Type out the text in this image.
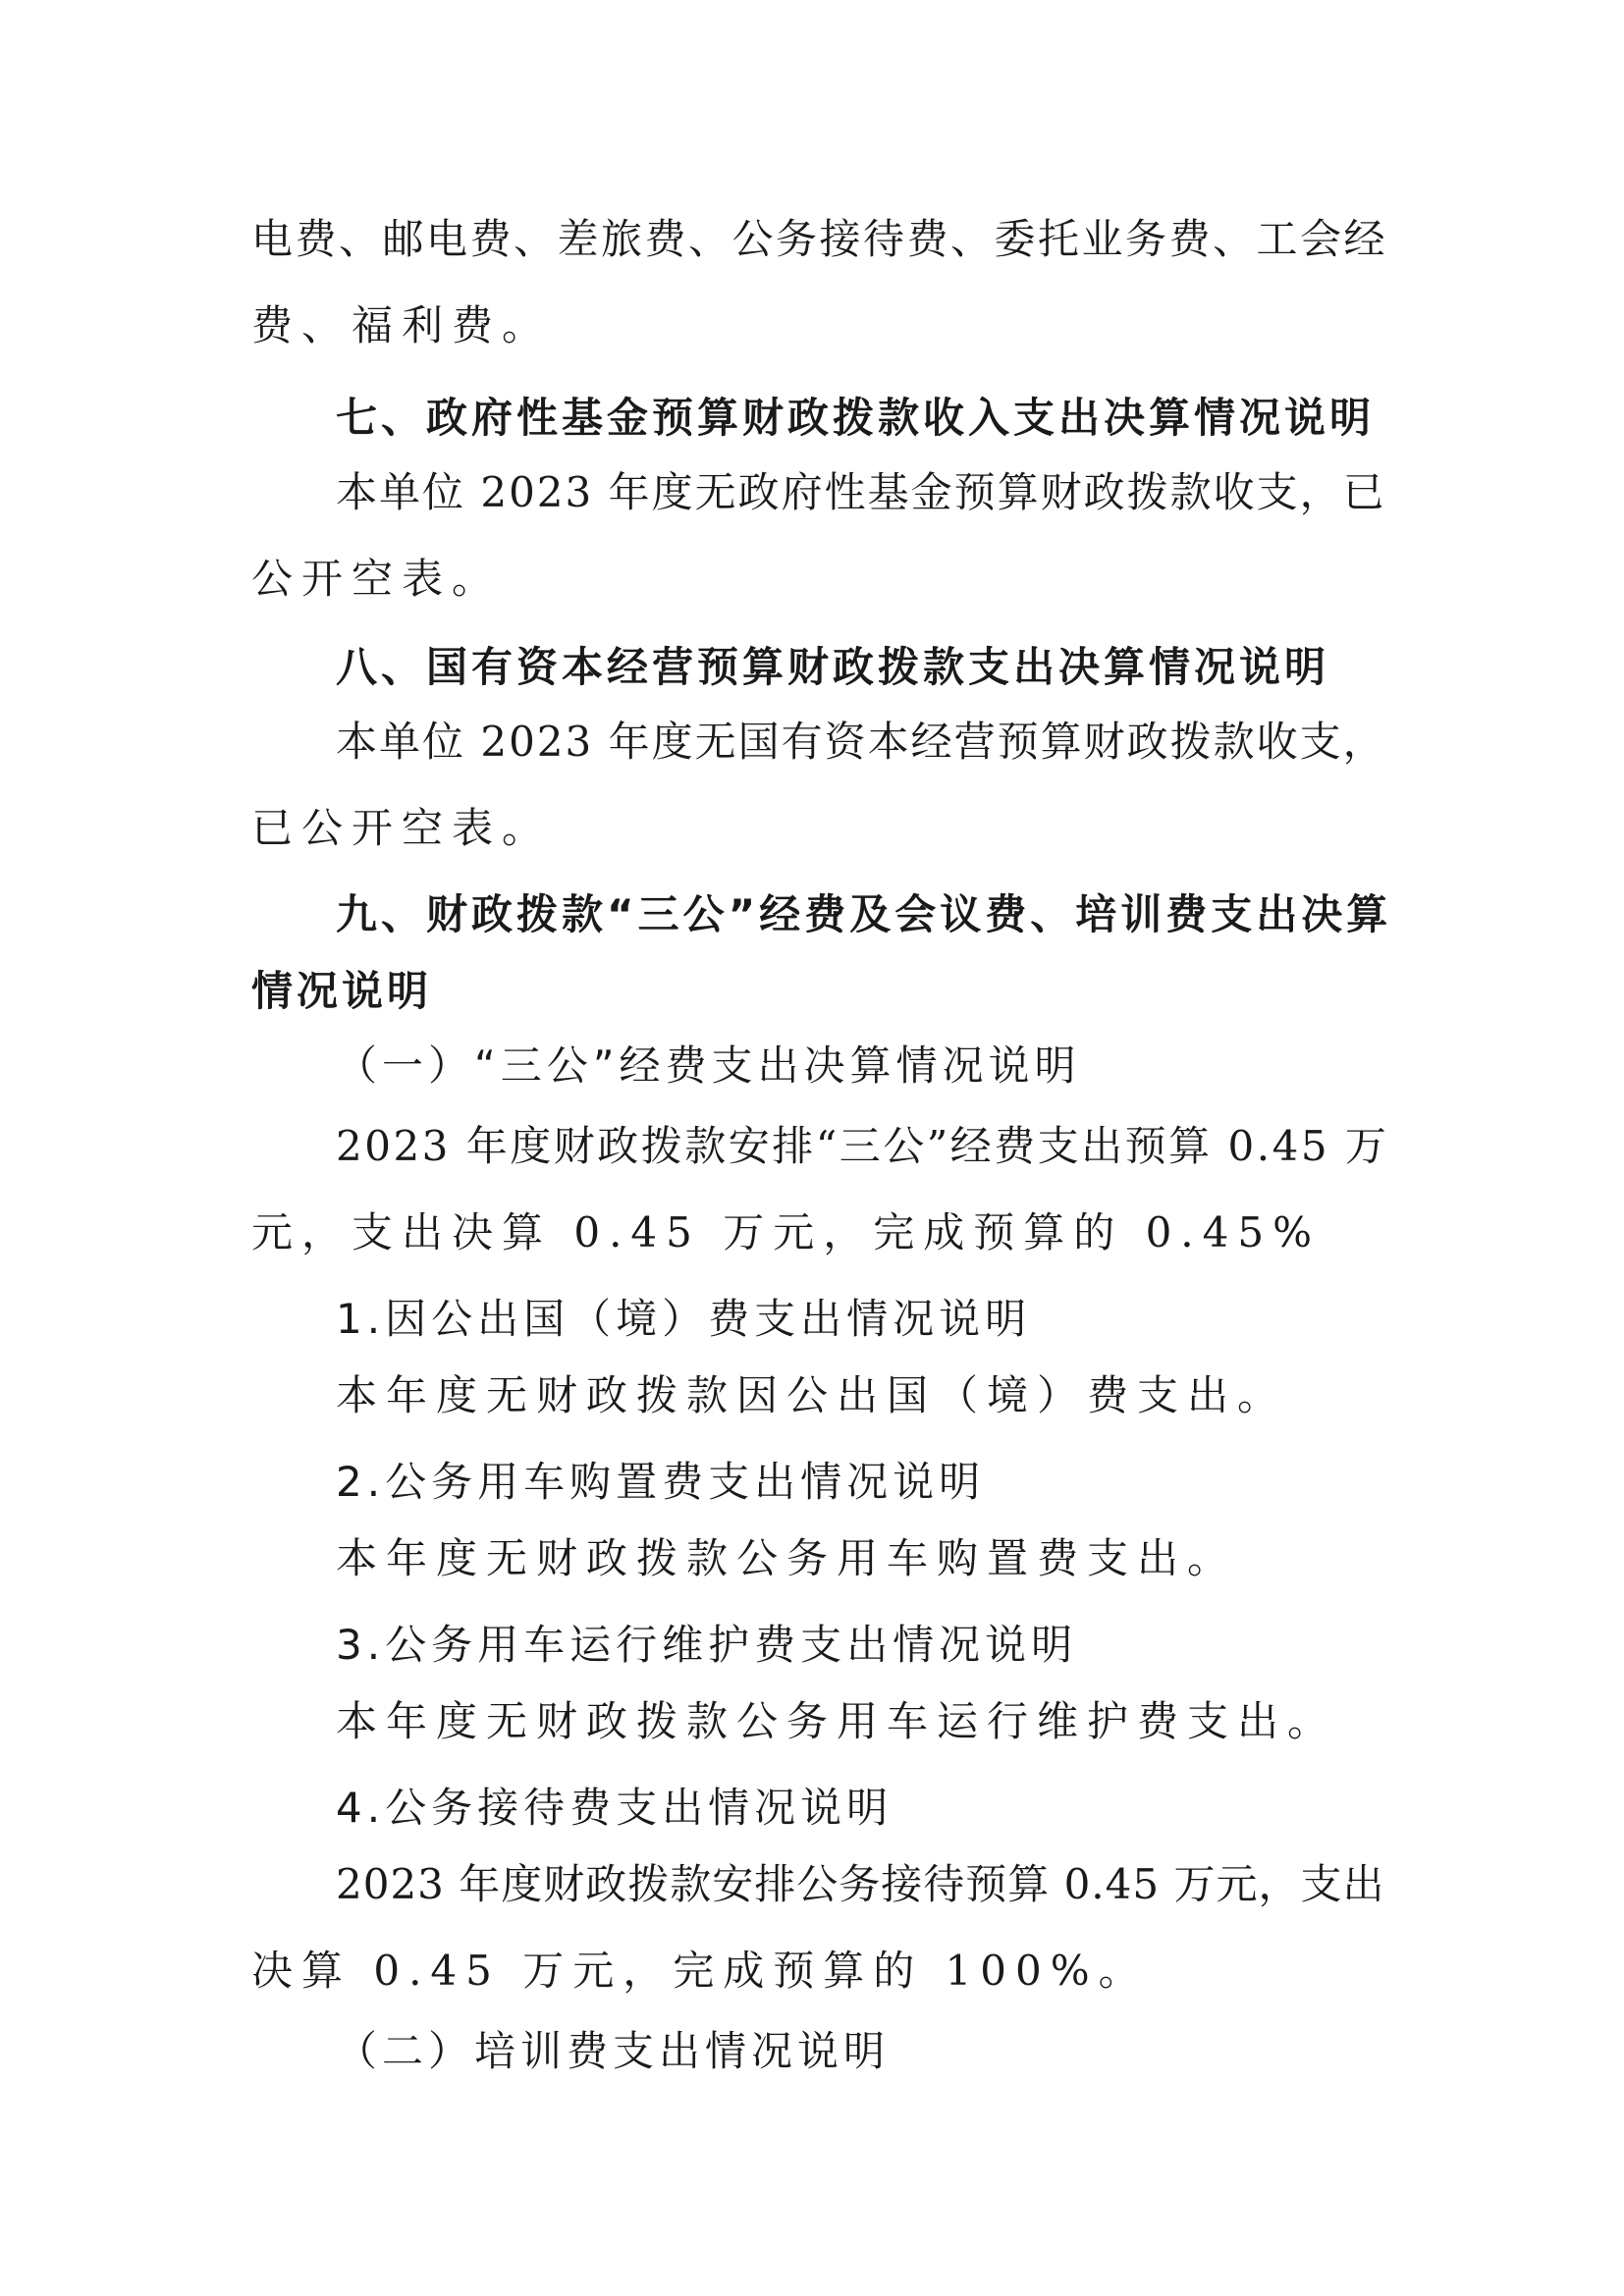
电费、邮电费、差旅费、公务接待费、委托业务费、工会经
费、福利费。
七、政府性基金预算财政拨款收入支出决算情况说明
本单位 2023 年度无政府性基金预算财政拨款收支，已
公开空表。
八、国有资本经营预算财政拨款支出决算情况说明
本单位 2023 年度无国有资本经营预算财政拨款收支，
已公开空表。
九、财政拨款“三公”经费及会议费、培训费支出决算
情况说明
（一）“三公”经费支出决算情况说明
2023 年度财政拨款安排“三公”经费支出预算 0.45 万
元，支出决算 0.45 万元，完成预算的 0.45%
1.因公出国（境）费支出情况说明
本年度无财政拨款因公出国（境）费支出。
2.公务用车购置费支出情况说明
本年度无财政拨款公务用车购置费支出。
3.公务用车运行维护费支出情况说明
本年度无财政拨款公务用车运行维护费支出。
4.公务接待费支出情况说明
2023 年度财政拨款安排公务接待预算 0.45 万元，支出
决算 0.45 万元，完成预算的 100%。
（二）培训费支出情况说明
